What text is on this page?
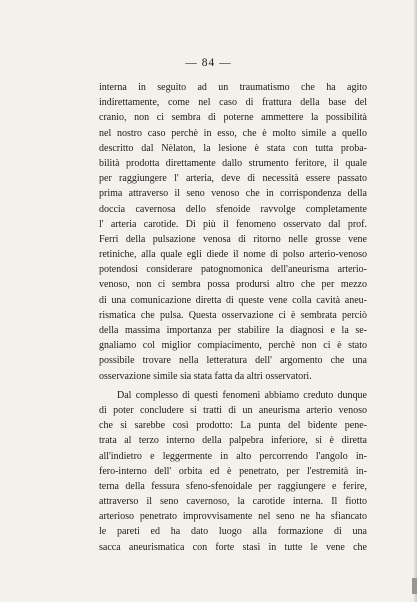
— 84 —
interna in seguito ad un traumatismo che ha agito
indirettamente, come nel caso di frattura della base del
cranio, non ci sembra di poterne ammettere la possibilità
nel nostro caso perchè in esso, che è molto simile a quello
descritto dal Nèlaton, la lesione è stata con tutta proba-
bilità prodotta direttamente dallo strumento feritore, il quale
per raggiungere l' arteria, deve di necessità essere passato
prima attraverso il seno venoso che in corrispondenza della
doccia cavernosa dello sfenoide ravvolge completamente
l' arteria carotide. Di più il fenomeno osservato dal prof.
Ferri della pulsazione venosa di ritorno nelle grosse vene
retiniche, alla quale egli diede il nome di polso arterio-venoso
potendosi considerare patognomonica dell'aneurisma arterio-
venoso, non ci sembra possa prodursi altro che per mezzo
di una comunicazione diretta di queste vene colla cavità aneu-
rismatica che pulsa. Questa osservazione ci è sembrata perciò
della massima importanza per stabilire la diagnosi e la se-
gnaliamo col miglior compiacimento, perchè non ci è stato
possibile trovare nella letteratura dell' argomento che una
osservazione simile sia stata fatta da altri osservatori.
Dal complesso di questi fenomeni abbiamo creduto dunque
di poter concludere si tratti di un aneurisma arterio venoso
che si sarebbe così prodotto: La punta del bidente pene-
trata al terzo interno della palpebra inferiore, si è diretta
all'indietro e leggermente in alto percorrendo l'angolo in-
fero-interno dell' orbita ed è penetrato, per l'estremità in-
terna della fessura sfeno-sfenoidale per raggiungere e ferire,
attraverso il seno cavernoso, la carotide interna. Il fiotto
arterioso penetrato improvvisamente nel seno ne ha sfiancato
le pareti ed ha dato luogo alla formazione di una
sacca aneurismatica con forte stasi in tutte le vene che
